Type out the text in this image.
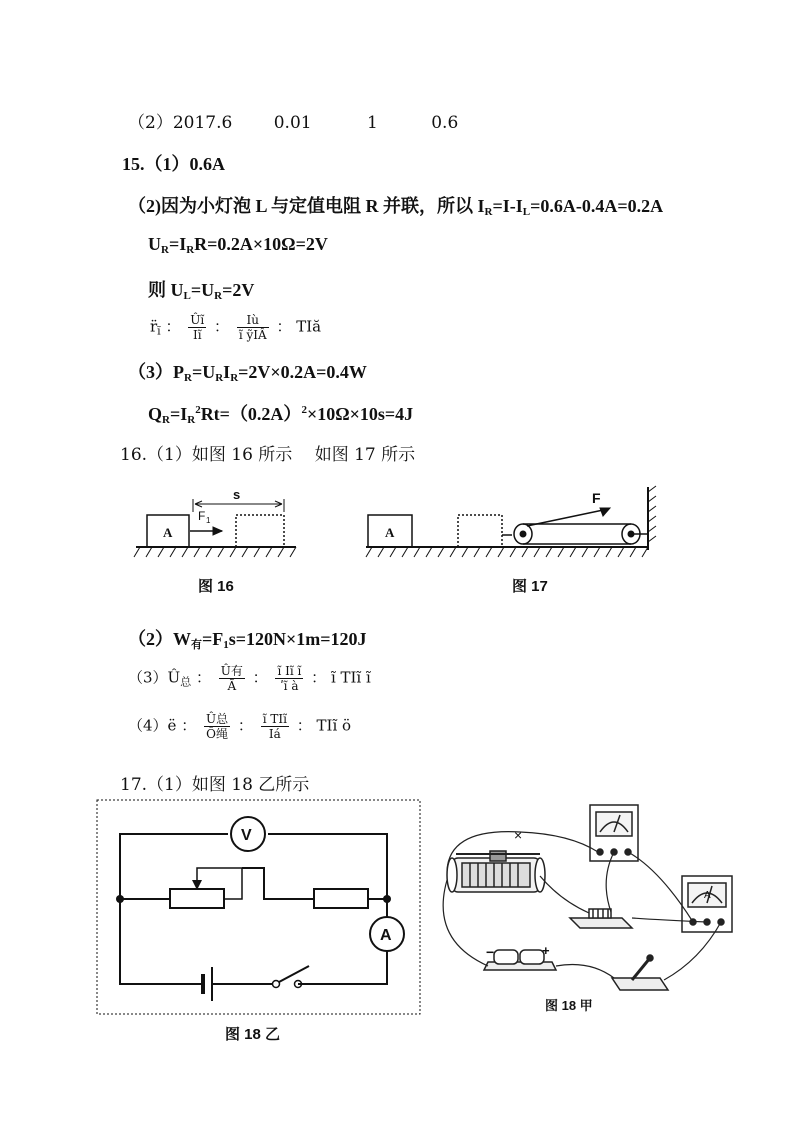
（2）2017.6 0.01	1	0.6
15.（1）0.6A
（2)因为小灯泡 L 与定值电阻 R 并联，所以 IR=I-IL=0.6A-0.4A=0.2A
UR=IRR=0.2A×10Ω=2V
则 UL=UR=2V
$r̈_ĩ$ ： $\frac{Ûĩ}{Iĩ}$ ： $\frac{Iù}{\text{ĩ ỹIÂ}}$ ： TIă
（3）PR=URIR=2V×0.2A=0.4W
$QR=IR^2Rt=(0.2A)^2\times 10\Omega\times 10s=4J$
16.（1）如图 16 所示　 如图 17 所示
s
F 1
A
F
A
V
A
×
−	+
A
图 16	图 17
（2）W有=F1s=120N×1m=120J
$(3)Û_总$ ： $\frac{\text{Û有}}{Ã}$ ： $\frac{\text{ĩ Iĩ ĩ}}{\text{ʹĩ à}}$ ： ĩ TIĩ ĩ
（4）ë ： $\frac{\text{Û总}}{\text{Ô绳}}$ ： $\frac{\text{ĩ TIĩ}}{Iá}$ ： TIĩ ö
17.（1）如图 18 乙所示
图 18 乙
图 18 甲
